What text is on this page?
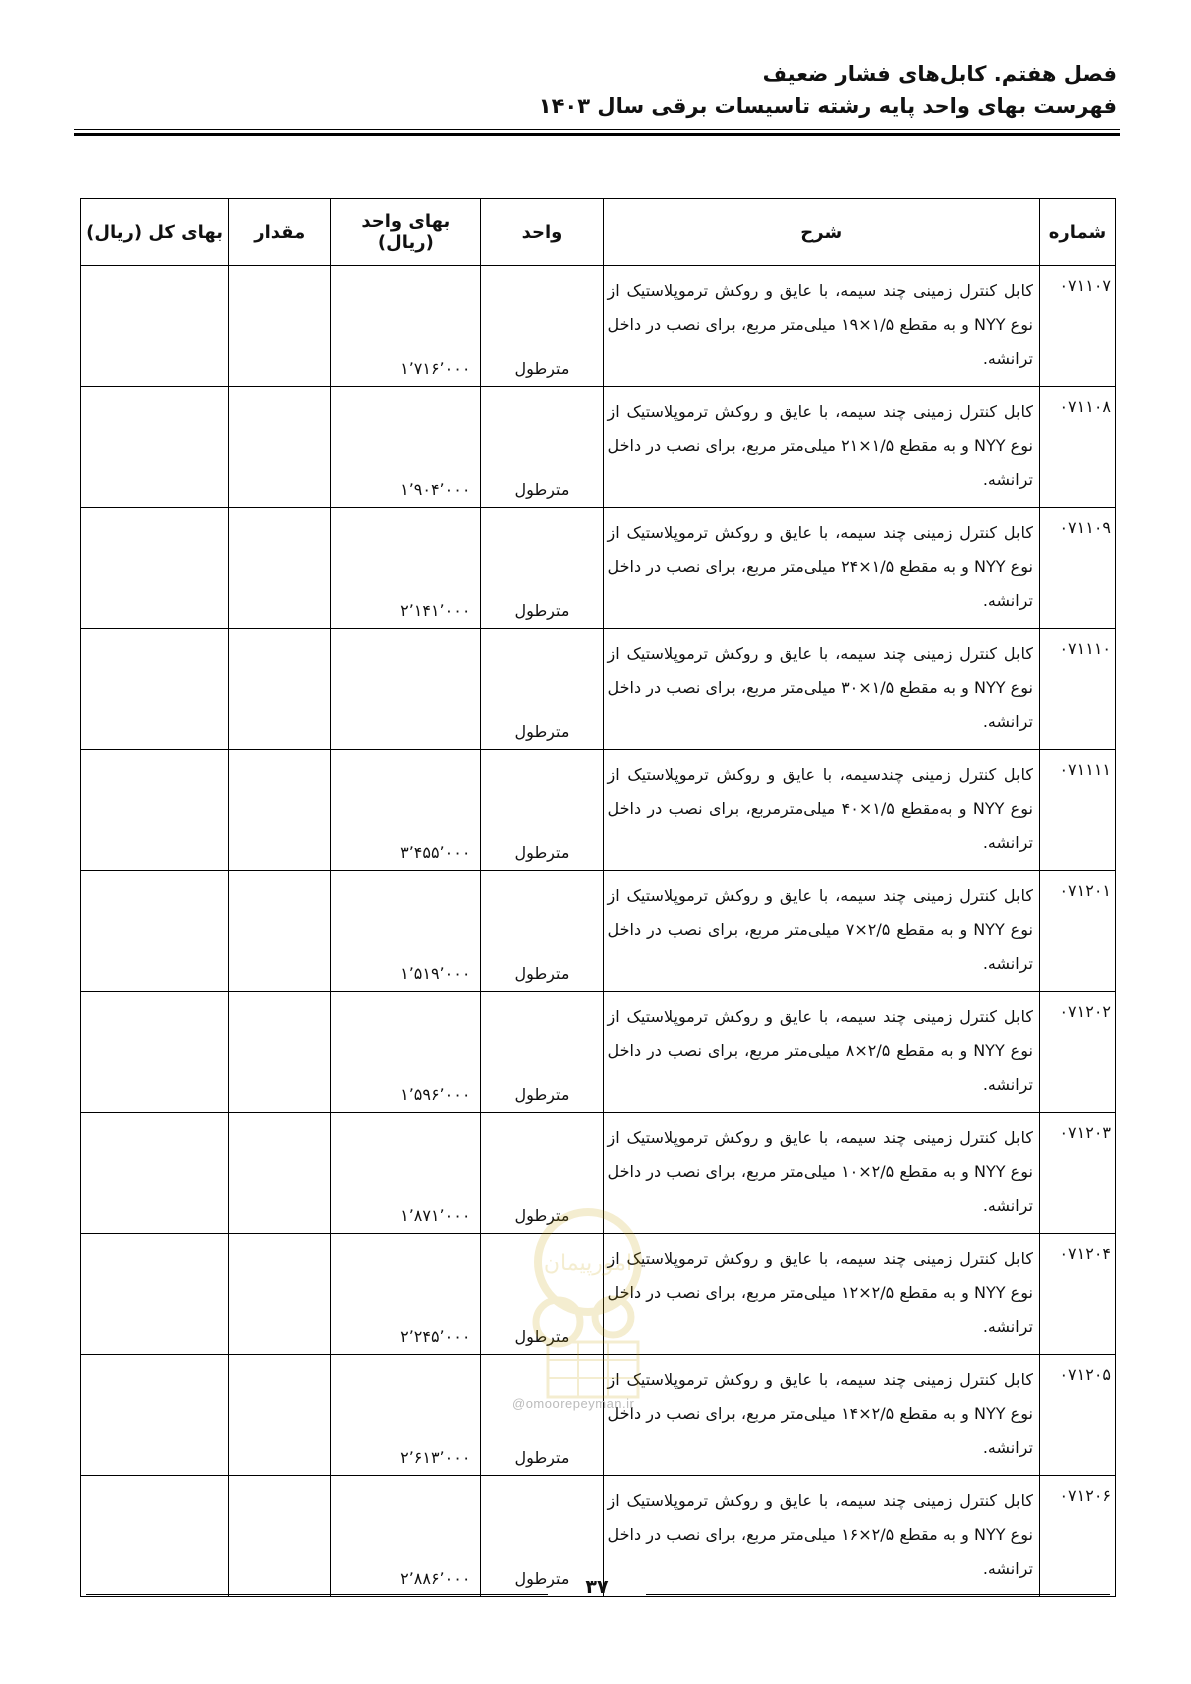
فصل هفتم. کابل‌های فشار ضعیف
فهرست بهای واحد پایه رشته تاسیسات برقی سال ۱۴۰۳
شماره	شرح	واحد	بهای واحد (ریال)	مقدار	بهای کل (ریال)
۰۷۱۱۰۷	کابل کنترل زمینی چند سیمه، با عایق و روکش ترموپلاستیک از نوع NYY و به مقطع ۱/۵×۱۹ میلی‌متر مربع، برای نصب در داخل ترانشه.	مترطول	۱٬۷۱۶٬۰۰۰		
۰۷۱۱۰۸	کابل کنترل زمینی چند سیمه، با عایق و روکش ترموپلاستیک از نوع NYY و به مقطع ۱/۵×۲۱ میلی‌متر مربع، برای نصب در داخل ترانشه.	مترطول	۱٬۹۰۴٬۰۰۰		
۰۷۱۱۰۹	کابل کنترل زمینی چند سیمه، با عایق و روکش ترموپلاستیک از نوع NYY و به مقطع ۱/۵×۲۴ میلی‌متر مربع، برای نصب در داخل ترانشه.	مترطول	۲٬۱۴۱٬۰۰۰		
۰۷۱۱۱۰	کابل کنترل زمینی چند سیمه، با عایق و روکش ترموپلاستیک از نوع NYY و به مقطع ۱/۵×۳۰ میلی‌متر مربع، برای نصب در داخل ترانشه.	مترطول			
۰۷۱۱۱۱	کابل کنترل زمینی چندسیمه، با عایق و روکش ترموپلاستیک از نوع NYY و به‌مقطع ۱/۵×۴۰ میلی‌مترمربع، برای نصب در داخل ترانشه.	مترطول	۳٬۴۵۵٬۰۰۰		
۰۷۱۲۰۱	کابل کنترل زمینی چند سیمه، با عایق و روکش ترموپلاستیک از نوع NYY و به مقطع ۲/۵×۷ میلی‌متر مربع، برای نصب در داخل ترانشه.	مترطول	۱٬۵۱۹٬۰۰۰		
۰۷۱۲۰۲	کابل کنترل زمینی چند سیمه، با عایق و روکش ترموپلاستیک از نوع NYY و به مقطع ۲/۵×۸ میلی‌متر مربع، برای نصب در داخل ترانشه.	مترطول	۱٬۵۹۶٬۰۰۰		
۰۷۱۲۰۳	کابل کنترل زمینی چند سیمه، با عایق و روکش ترموپلاستیک از نوع NYY و به مقطع ۲/۵×۱۰ میلی‌متر مربع، برای نصب در داخل ترانشه.	مترطول	۱٬۸۷۱٬۰۰۰		
۰۷۱۲۰۴	کابل کنترل زمینی چند سیمه، با عایق و روکش ترموپلاستیک از نوع NYY و به مقطع ۲/۵×۱۲ میلی‌متر مربع، برای نصب در داخل ترانشه.	مترطول	۲٬۲۴۵٬۰۰۰		
۰۷۱۲۰۵	کابل کنترل زمینی چند سیمه، با عایق و روکش ترموپلاستیک از نوع NYY و به مقطع ۲/۵×۱۴ میلی‌متر مربع، برای نصب در داخل ترانشه.	مترطول	۲٬۶۱۳٬۰۰۰		
۰۷۱۲۰۶	کابل کنترل زمینی چند سیمه، با عایق و روکش ترموپلاستیک از نوع NYY و به مقطع ۲/۵×۱۶ میلی‌متر مربع، برای نصب در داخل ترانشه.	مترطول	۲٬۸۸۶٬۰۰۰		
امورپیمان
@omoorepeyman.ir
۳۷
